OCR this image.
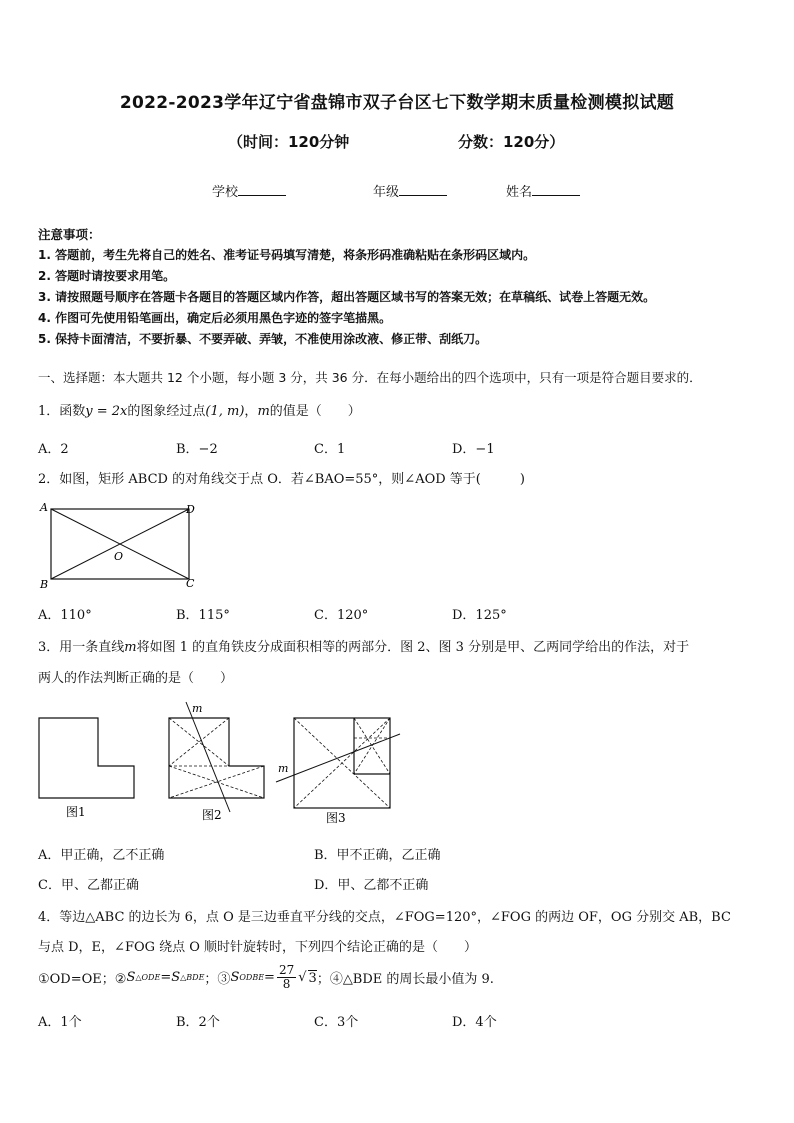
2022-2023学年辽宁省盘锦市双子台区七下数学期末质量检测模拟试题
（时间：120分钟	分数：120分）
学校	年级	姓名
注意事项：
1. 答题前，考生先将自己的姓名、准考证号码填写清楚，将条形码准确粘贴在条形码区域内。
2. 答题时请按要求用笔。
3. 请按照题号顺序在答题卡各题目的答题区域内作答，超出答题区域书写的答案无效；在草稿纸、试卷上答题无效。
4. 作图可先使用铅笔画出，确定后必须用黑色字迹的签字笔描黑。
5. 保持卡面清洁，不要折暴、不要弄破、弄皱，不准使用涂改液、修正带、刮纸刀。
一、选择题：本大题共 12 个小题，每小题 3 分，共 36 分．在每小题给出的四个选项中，只有一项是符合题目要求的．
1．函数y = 2x的图象经过点(1, m)，m的值是（　　）
A．2	B．−2	C．1	D．−1
2．如图，矩形 ABCD 的对角线交于点 O．若∠BAO=55°，则∠AOD 等于(　　　)
A
B	C
D
O
A．110°	B．115°	C．120°	D．125°
3．用一条直线m将如图 1 的直角铁皮分成面积相等的两部分．图 2、图 3 分别是甲、乙两同学给出的作法，对于
两人的作法判断正确的是（　　）
图1
m
图2
m
图3
A．甲正确，乙不正确	B．甲不正确，乙正确
C．甲、乙都正确	D．甲、乙都不正确
4．等边△ABC 的边长为 6，点 O 是三边垂直平分线的交点，∠FOG=120°，∠FOG 的两边 OF，OG 分别交 AB，BC
与点 D，E，∠FOG 绕点 O 顺时针旋转时，下列四个结论正确的是（　　）
①OD=OE；② S △ODE = S △BDE ；③ S ODBE = $\frac{27}{8}$ √ 3 ；④△BDE 的周长最小值为 9.
A．1个	B．2个	C．3个	D．4个
